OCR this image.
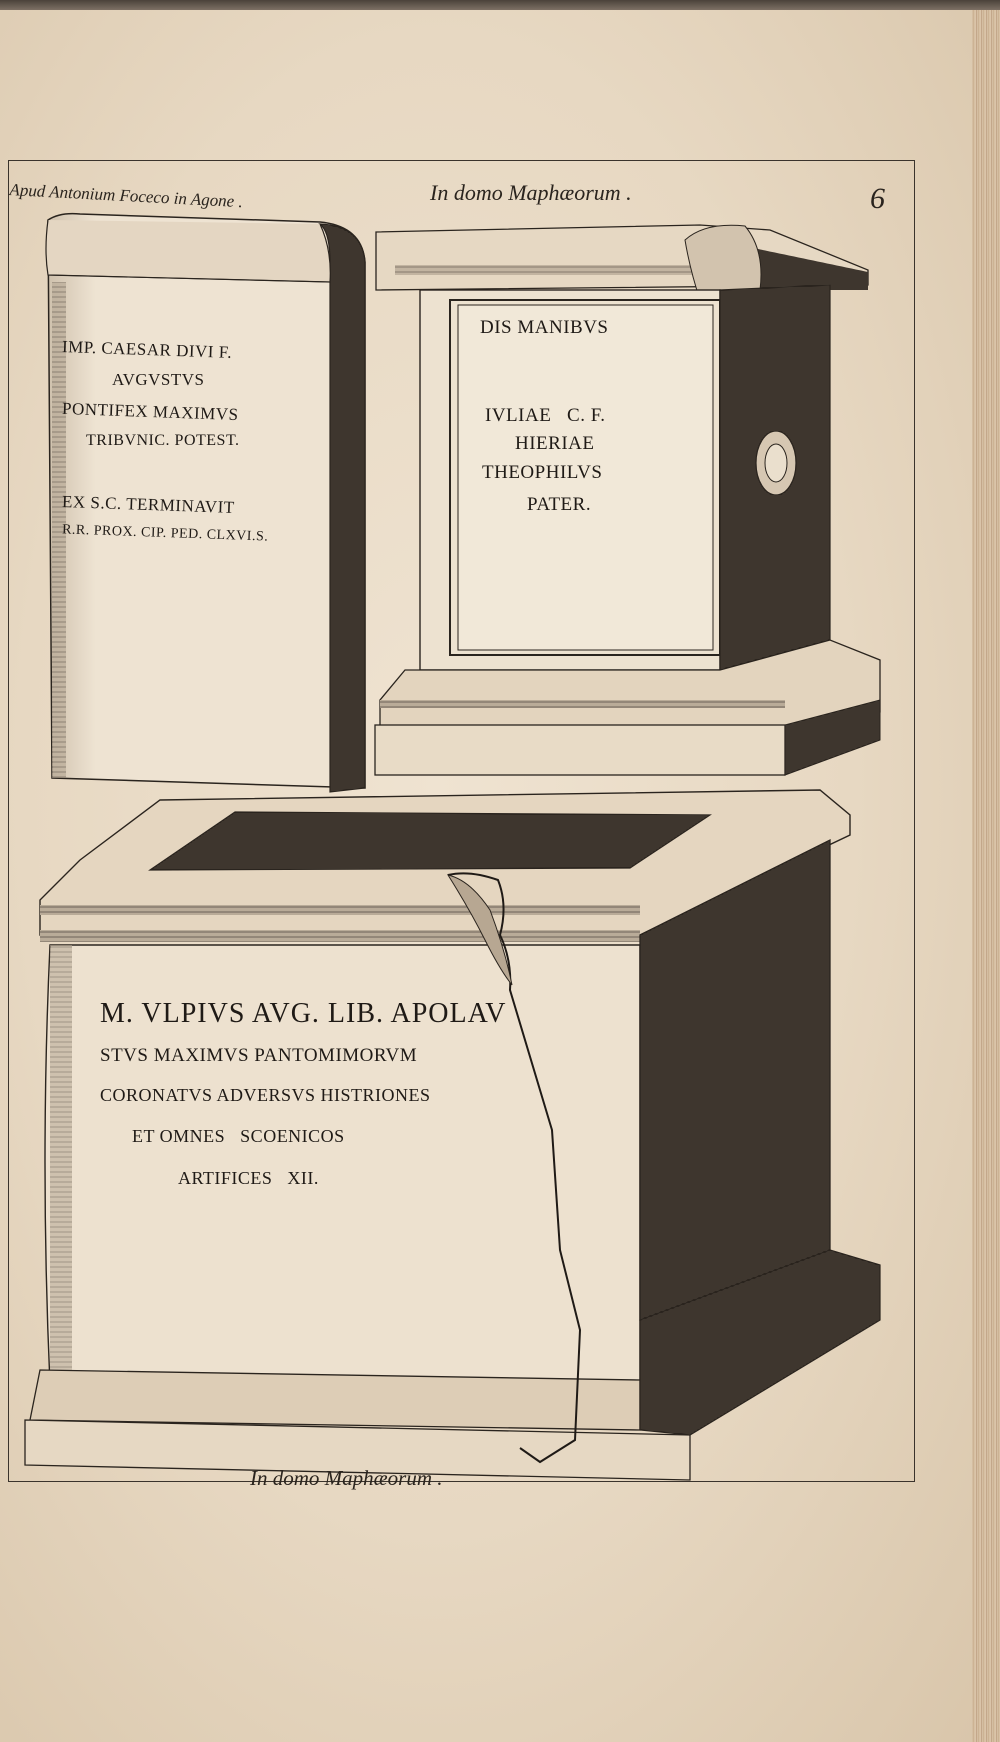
Apud Antonium Foceco in Agone .	In domo Maphæorum .	6
IMP. CAESAR DIVI F.
AVGVSTVS
PONTIFEX MAXIMVS
TRIBVNIC. POTEST.
EX S.C. TERMINAVIT
R.R. PROX. CIP. PED. CLXVI.S.
DIS MANIBVS
IVLIAE   C. F.
HIERIAE
THEOPHILVS
PATER.
M. VLPIVS AVG. LIB. APOLAV
STVS MAXIMVS PANTOMIMORVM
CORONATVS ADVERSVS HISTRIONES
ET OMNES   SCOENICOS
ARTIFICES   XII.
In domo Maphæorum .
